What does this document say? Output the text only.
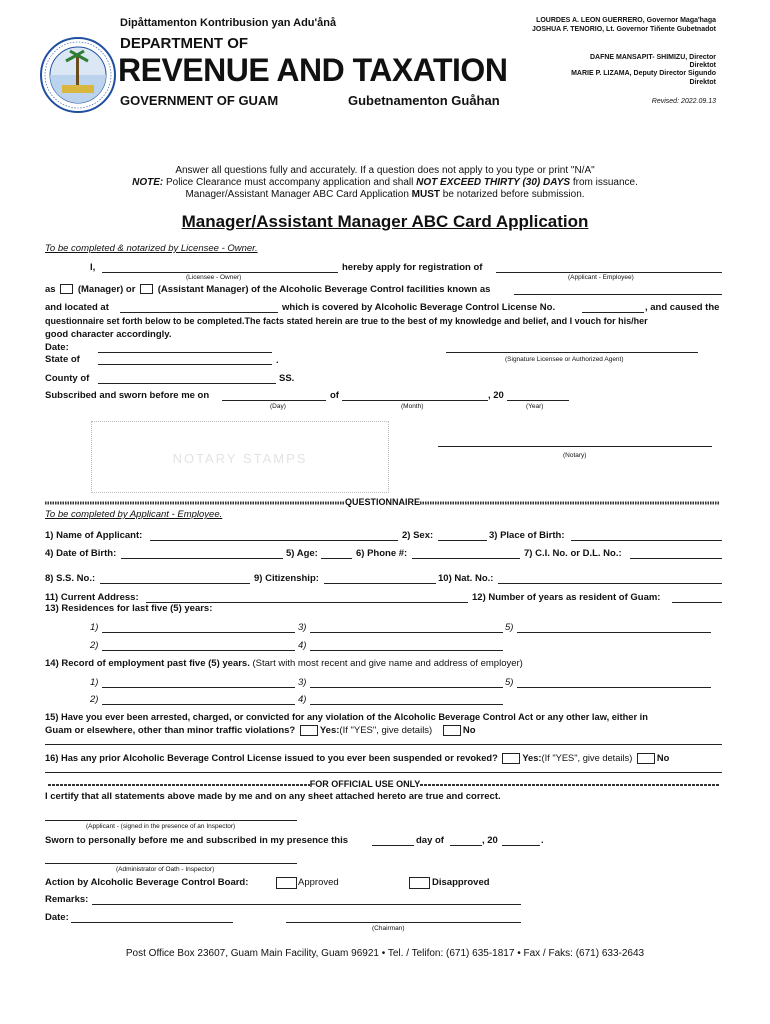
Dipåttamenton Kontribusion yan Adu'ånå
DEPARTMENT OF
REVENUE AND TAXATION
GOVERNMENT OF GUAM	Gubetnamenton Guåhan
LOURDES A. LEON GUERRERO, Governor Maga'haga
JOSHUA F. TENORIO, Lt. Governor Tiñente Gubetnadot
DAFNE MANSAPIT- SHIMIZU, Director
Direktot
MARIE P. LIZAMA, Deputy Director Sigundo
Direktot
Revised: 2022.09.13
Answer all questions fully and accurately. If a question does not apply to you type or print "N/A"
NOTE: Police Clearance must accompany application and shall NOT EXCEED THIRTY (30) DAYS from issuance.
Manager/Assistant Manager ABC Card Application MUST be notarized before submission.
Manager/Assistant Manager ABC Card Application
To be completed & notarized by Licensee - Owner.
I,	hereby apply for registration of
(Licensee - Owner)	(Applicant - Employee)
as (Manager) or (Assistant Manager) of the Alcoholic Beverage Control facilities known as
and located at	which is covered by Alcoholic Beverage Control License No.	, and caused the
questionnaire set forth below to be completed.The facts stated herein are true to the best of my knowledge and belief, and I vouch for his/her
good character accordingly.
Date:
State of	.	(Signature Licensee or Authorized Agent)
County of	SS.
Subscribed and sworn before me on	of	, 20
(Day)	(Month)	(Year)
NOTARY STAMPS	(Notary)
QUESTIONNAIRE
To be completed by Applicant - Employee.
1) Name of Applicant:	2) Sex:	3) Place of Birth:
4) Date of Birth:	5) Age:	6) Phone #:	7) C.I. No. or D.L. No.:
8) S.S. No.:	9) Citizenship:	10) Nat. No.:
11) Current Address:	12) Number of years as resident of Guam:
13) Residences for last five (5) years:
1)	3)	5)
2)	4)
14) Record of employment past five (5) years. (Start with most recent and give name and address of employer)
1)	3)	5)
2)	4)
15) Have you ever been arrested, charged, or convicted for any violation of the Alcoholic Beverage Control Act or any other law, either in
Guam or elsewhere, other than minor traffic violations?	Yes:(If "YES", give details)	No
16) Has any prior Alcoholic Beverage Control License issued to you ever been suspended or revoked?	Yes:(If "YES", give details)	No
FOR OFFICIAL USE ONLY
I certify that all statements above made by me and on any sheet attached hereto are true and correct.
(Applicant - (signed in the presence of an Inspector)
Sworn to personally before me and subscribed in my presence this	day of	, 20	.
(Administrator of Oath - Inspector)
Action by Alcoholic Beverage Control Board:	Approved	Disapproved
Remarks:
Date:
(Chairman)
Post Office Box 23607, Guam Main Facility, Guam 96921 • Tel. / Telifon: (671) 635-1817 • Fax / Faks: (671) 633-2643
